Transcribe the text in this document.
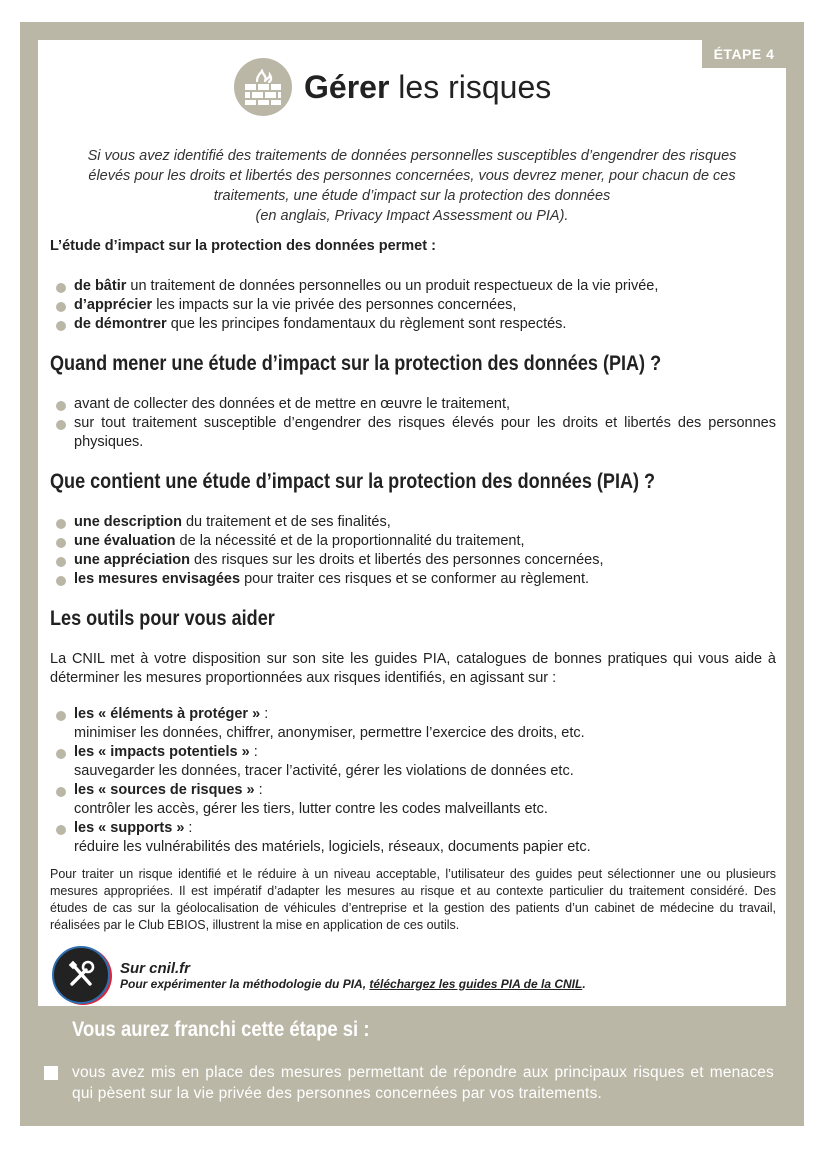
ÉTAPE 4
Gérer les risques
Si vous avez identifié des traitements de données personnelles susceptibles d’engendrer des risques
élevés pour les droits et libertés des personnes concernées, vous devrez mener, pour chacun de ces
traitements, une étude d’impact sur la protection des données
(en anglais, Privacy Impact Assessment ou PIA).
L’étude d’impact sur la protection des données permet :
de bâtir un traitement de données personnelles ou un produit respectueux de la vie privée,
d’apprécier les impacts sur la vie privée des personnes concernées,
de démontrer que les principes fondamentaux du règlement sont respectés.
Quand mener une étude d’impact sur la protection des données (PIA) ?
avant de collecter des données et de mettre en œuvre le traitement,
sur tout traitement susceptible d’engendrer des risques élevés pour les droits et libertés des personnes physiques.
Que contient une étude d’impact sur la protection des données (PIA) ?
une description du traitement et de ses finalités,
une évaluation de la nécessité et de la proportionnalité du traitement,
une appréciation des risques sur les droits et libertés des personnes concernées,
les mesures envisagées pour traiter ces risques et se conformer au règlement.
Les outils pour vous aider
La CNIL met à votre disposition sur son site les guides PIA, catalogues de bonnes pratiques qui vous aide à déterminer les mesures proportionnées aux risques identifiés, en agissant sur :
les « éléments à protéger » :
minimiser les données, chiffrer, anonymiser, permettre l’exercice des droits, etc.
les « impacts potentiels » :
sauvegarder les données, tracer l’activité, gérer les violations de données etc.
les « sources de risques » :
contrôler les accès, gérer les tiers, lutter contre les codes malveillants etc.
les « supports » :
réduire les vulnérabilités des matériels, logiciels, réseaux, documents papier etc.
Pour traiter un risque identifié et le réduire à un niveau acceptable, l’utilisateur des guides peut sélectionner une ou plusieurs mesures appropriées. Il est impératif d’adapter les mesures au risque et au contexte particulier du traitement considéré. Des études de cas sur la géolocalisation de véhicules d’entreprise et la gestion des patients d’un cabinet de médecine du travail, réalisées par le Club EBIOS, illustrent la mise en application de ces outils.
Sur cnil.fr
Pour expérimenter la méthodologie du PIA, téléchargez les guides PIA de la CNIL.
Vous aurez franchi cette étape si :
vous avez mis en place des mesures permettant de répondre aux principaux risques et menaces qui pèsent sur la vie privée des personnes concernées par vos traitements.
